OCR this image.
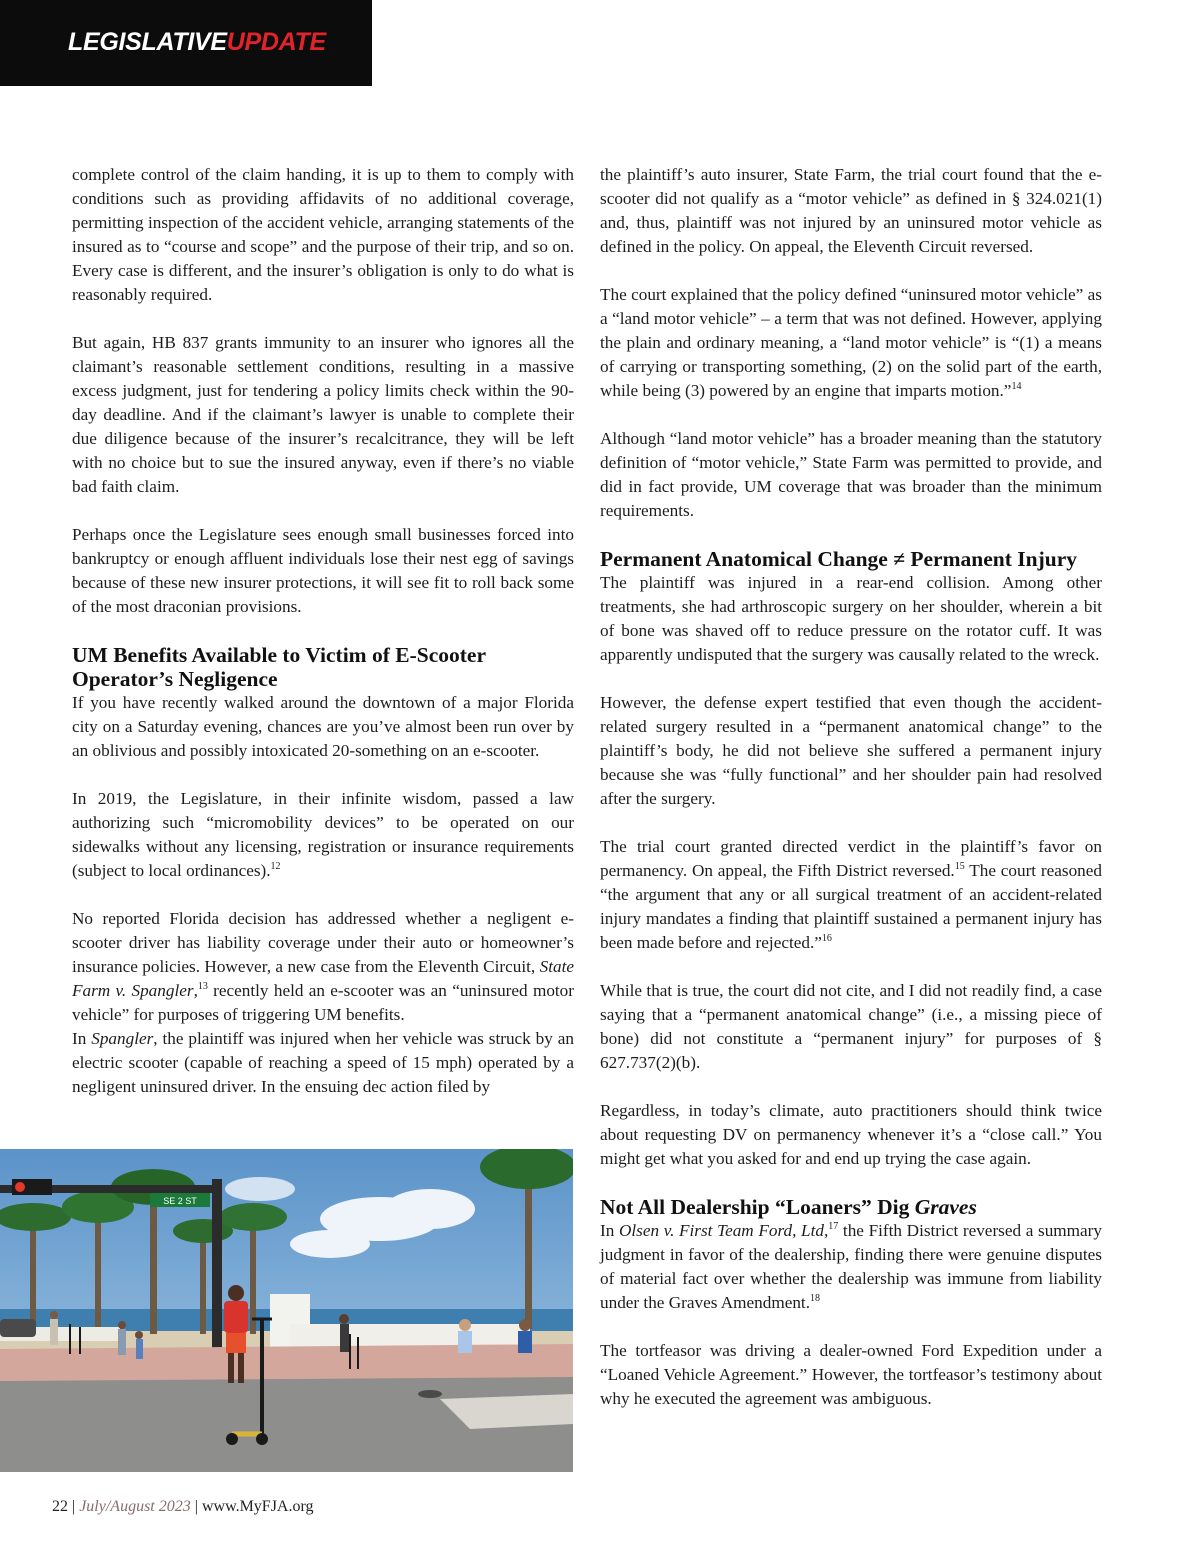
LEGISLATIVEUPDATE

complete control of the claim handing, it is up to them to comply with conditions such as providing affidavits of no additional coverage, permitting inspection of the accident vehicle, arranging statements of the insured as to “course and scope” and the purpose of their trip, and so on. Every case is different, and the insurer’s obligation is only to do what is reasonably required.

But again, HB 837 grants immunity to an insurer who ignores all the claimant’s reasonable settlement conditions, resulting in a massive excess judgment, just for tendering a policy limits check within the 90-day deadline. And if the claimant’s lawyer is unable to complete their due diligence because of the insurer’s recalcitrance, they will be left with no choice but to sue the insured anyway, even if there’s no viable bad faith claim.

Perhaps once the Legislature sees enough small businesses forced into bankruptcy or enough affluent individuals lose their nest egg of savings because of these new insurer protections, it will see fit to roll back some of the most draconian provisions.

UM Benefits Available to Victim of E-Scooter Operator’s Negligence

If you have recently walked around the downtown of a major Florida city on a Saturday evening, chances are you’ve almost been run over by an oblivious and possibly intoxicated 20-something on an e-scooter.

In 2019, the Legislature, in their infinite wisdom, passed a law authorizing such “micromobility devices” to be operated on our sidewalks without any licensing, registration or insurance requirements (subject to local ordinances).$^{12}$

No reported Florida decision has addressed whether a negligent e-scooter driver has liability coverage under their auto or homeowner’s insurance policies. However, a new case from the Eleventh Circuit, State Farm v. Spangler,$^{13}$ recently held an e-scooter was an “uninsured motor vehicle” for purposes of triggering UM benefits.

In Spangler, the plaintiff was injured when her vehicle was struck by an electric scooter (capable of reaching a speed of 15 mph) operated by a negligent uninsured driver. In the ensuing dec action filed by

the plaintiff’s auto insurer, State Farm, the trial court found that the e-scooter did not qualify as a “motor vehicle” as defined in § 324.021(1) and, thus, plaintiff was not injured by an uninsured motor vehicle as defined in the policy. On appeal, the Eleventh Circuit reversed.

The court explained that the policy defined “uninsured motor vehicle” as a “land motor vehicle” – a term that was not defined. However, applying the plain and ordinary meaning, a “land motor vehicle” is “(1) a means of carrying or transporting something, (2) on the solid part of the earth, while being (3) powered by an engine that imparts motion.”$^{14}$

Although “land motor vehicle” has a broader meaning than the statutory definition of “motor vehicle,” State Farm was permitted to provide, and did in fact provide, UM coverage that was broader than the minimum requirements.

Permanent Anatomical Change ≠ Permanent Injury

The plaintiff was injured in a rear-end collision. Among other treatments, she had arthroscopic surgery on her shoulder, wherein a bit of bone was shaved off to reduce pressure on the rotator cuff. It was apparently undisputed that the surgery was causally related to the wreck.

However, the defense expert testified that even though the accident-related surgery resulted in a “permanent anatomical change” to the plaintiff’s body, he did not believe she suffered a permanent injury because she was “fully functional” and her shoulder pain had resolved after the surgery.

The trial court granted directed verdict in the plaintiff’s favor on permanency. On appeal, the Fifth District reversed.$^{15}$ The court reasoned “the argument that any or all surgical treatment of an accident-related injury mandates a finding that plaintiff sustained a permanent injury has been made before and rejected.”$^{16}$

While that is true, the court did not cite, and I did not readily find, a case saying that a “permanent anatomical change” (i.e., a missing piece of bone) did not constitute a “permanent injury” for purposes of § 627.737(2)(b).

Regardless, in today’s climate, auto practitioners should think twice about requesting DV on permanency whenever it’s a “close call.” You might get what you asked for and end up trying the case again.

Not All Dealership “Loaners” Dig Graves

In Olsen v. First Team Ford, Ltd,$^{17}$ the Fifth District reversed a summary judgment in favor of the dealership, finding there were genuine disputes of material fact over whether the dealership was immune from liability under the Graves Amendment.$^{18}$

The tortfeasor was driving a dealer-owned Ford Expedition under a “Loaned Vehicle Agreement.” However, the tortfeasor’s testimony about why he executed the agreement was ambiguous.

SE 2 ST
22 | July/August 2023 | www.MyFJA.org
